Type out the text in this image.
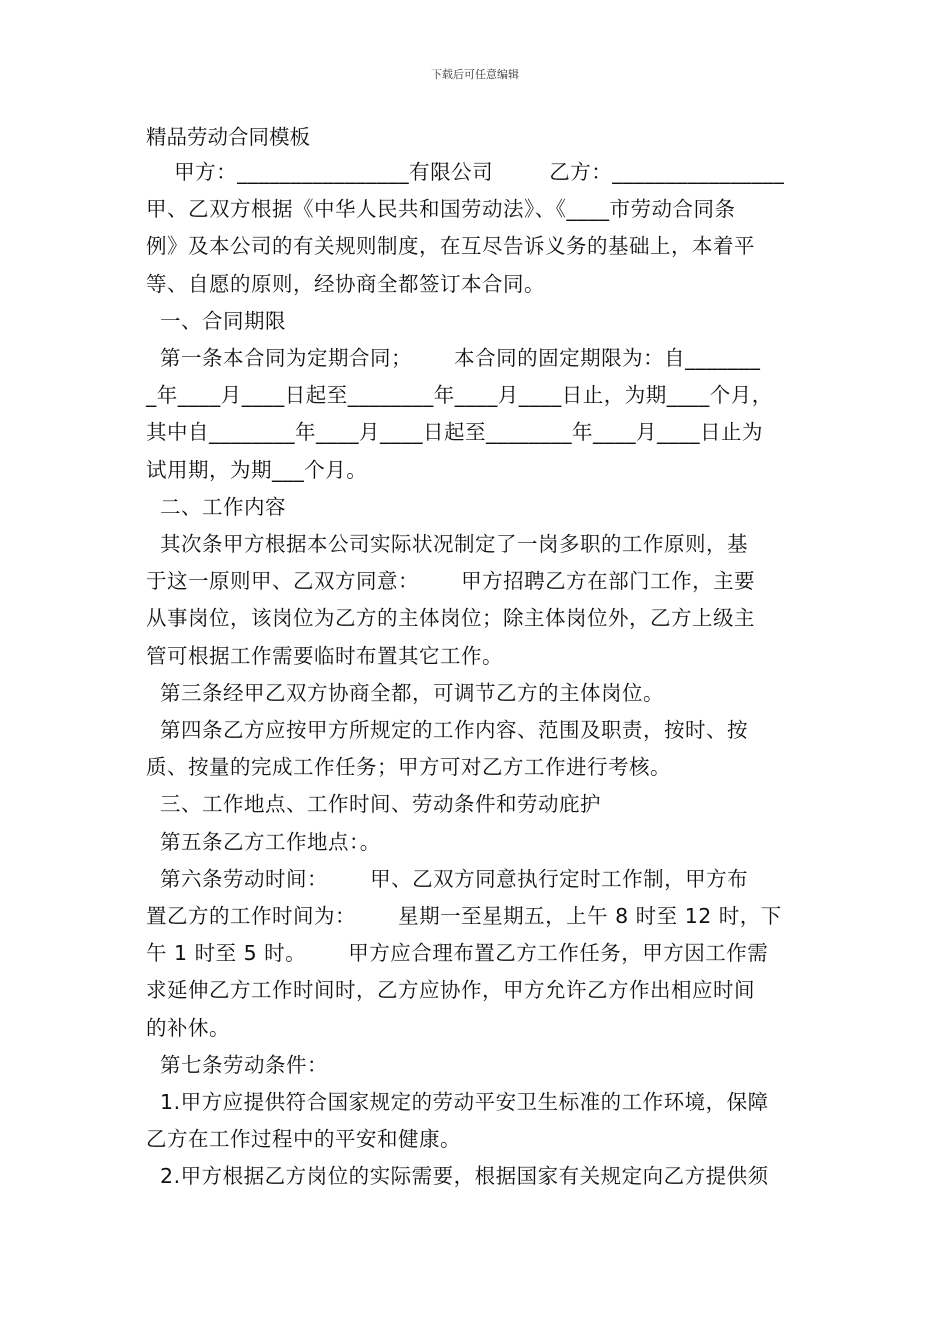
下载后可任意编辑
精品劳动合同模板
甲方：________________有限公司        乙方：________________
甲、乙双方根据《中华人民共和国劳动法》、《____市劳动合同条
例》及本公司的有关规则制度，在互尽告诉义务的基础上，本着平
等、自愿的原则，经协商全都签订本合同。
一、合同期限
第一条本合同为定期合同；      本合同的固定期限为：自_______
_年____月____日起至________年____月____日止，为期____个月，
其中自________年____月____日起至________年____月____日止为
试用期，为期___个月。
二、工作内容
其次条甲方根据本公司实际状况制定了一岗多职的工作原则，基
于这一原则甲、乙双方同意：      甲方招聘乙方在部门工作，主要
从事岗位，该岗位为乙方的主体岗位；除主体岗位外，乙方上级主
管可根据工作需要临时布置其它工作。
第三条经甲乙双方协商全都，可调节乙方的主体岗位。
第四条乙方应按甲方所规定的工作内容、范围及职责，按时、按
质、按量的完成工作任务；甲方可对乙方工作进行考核。
三、工作地点、工作时间、劳动条件和劳动庇护
第五条乙方工作地点：。
第六条劳动时间：      甲、乙双方同意执行定时工作制，甲方布
置乙方的工作时间为：      星期一至星期五，上午 8 时至 12 时，下
午 1 时至 5 时。      甲方应合理布置乙方工作任务，甲方因工作需
求延伸乙方工作时间时，乙方应协作，甲方允许乙方作出相应时间
的补休。
第七条劳动条件：
1.甲方应提供符合国家规定的劳动平安卫生标准的工作环境，保障
乙方在工作过程中的平安和健康。
2.甲方根据乙方岗位的实际需要，根据国家有关规定向乙方提供须
